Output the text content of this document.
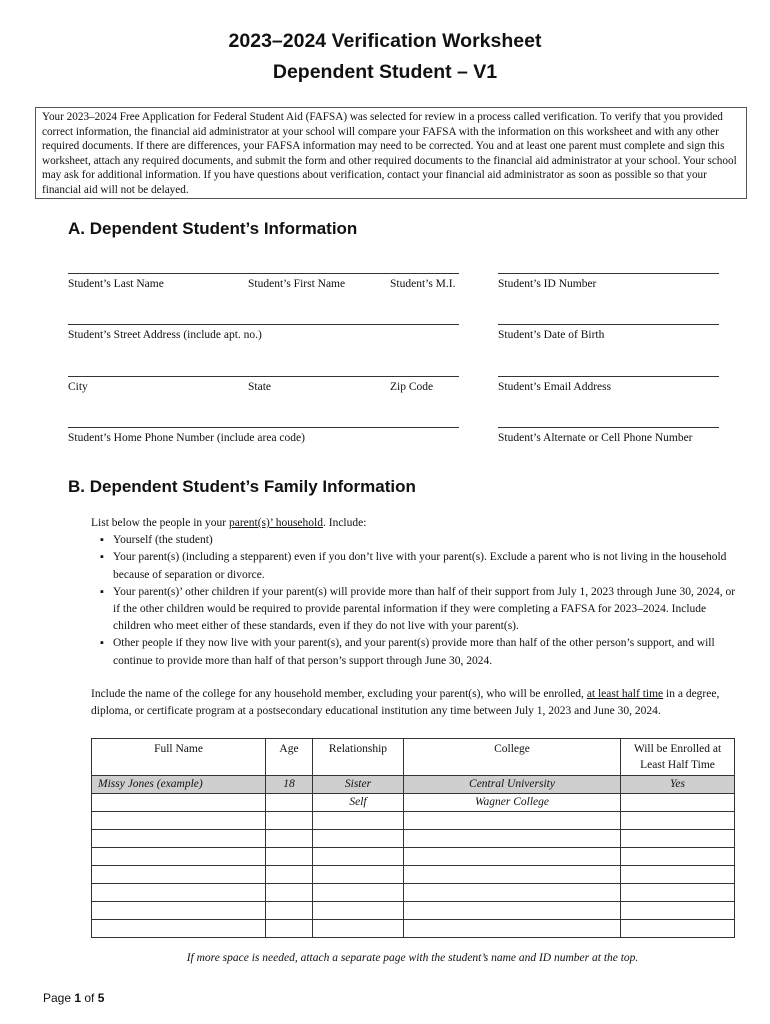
2023–2024 Verification Worksheet
Dependent Student – V1
Your 2023–2024 Free Application for Federal Student Aid (FAFSA) was selected for review in a process called verification. To verify that you provided correct information, the financial aid administrator at your school will compare your FAFSA with the information on this worksheet and with any other required documents. If there are differences, your FAFSA information may need to be corrected. You and at least one parent must complete and sign this worksheet, attach any required documents, and submit the form and other required documents to the financial aid administrator at your school. Your school may ask for additional information. If you have questions about verification, contact your financial aid administrator as soon as possible so that your financial aid will not be delayed.
A. Dependent Student’s Information
Student’s Last Name	Student’s First Name	Student’s M.I.	Student’s ID Number
Student’s Street Address (include apt. no.)	Student’s Date of Birth
City	State	Zip Code	Student’s Email Address
Student’s Home Phone Number (include area code)	Student’s Alternate or Cell Phone Number
B. Dependent Student’s Family Information
List below the people in your parent(s)’ household. Include:
▪ Yourself (the student)
▪ Your parent(s) (including a stepparent) even if you don’t live with your parent(s). Exclude a parent who is not living in the household because of separation or divorce.
▪ Your parent(s)’ other children if your parent(s) will provide more than half of their support from July 1, 2023 through June 30, 2024, or if the other children would be required to provide parental information if they were completing a FAFSA for 2023–2024. Include children who meet either of these standards, even if they do not live with your parent(s).
▪ Other people if they now live with your parent(s), and your parent(s) provide more than half of the other person’s support, and will continue to provide more than half of that person’s support through June 30, 2024.
Include the name of the college for any household member, excluding your parent(s), who will be enrolled, at least half time in a degree, diploma, or certificate program at a postsecondary educational institution any time between July 1, 2023 and June 30, 2024.
Full Name	Age	Relationship	College	Will be Enrolled at Least Half Time
Missy Jones (example)	18	Sister	Central University	Yes
		Self	Wagner College	

If more space is needed, attach a separate page with the student’s name and ID number at the top.
Page 1 of 5
